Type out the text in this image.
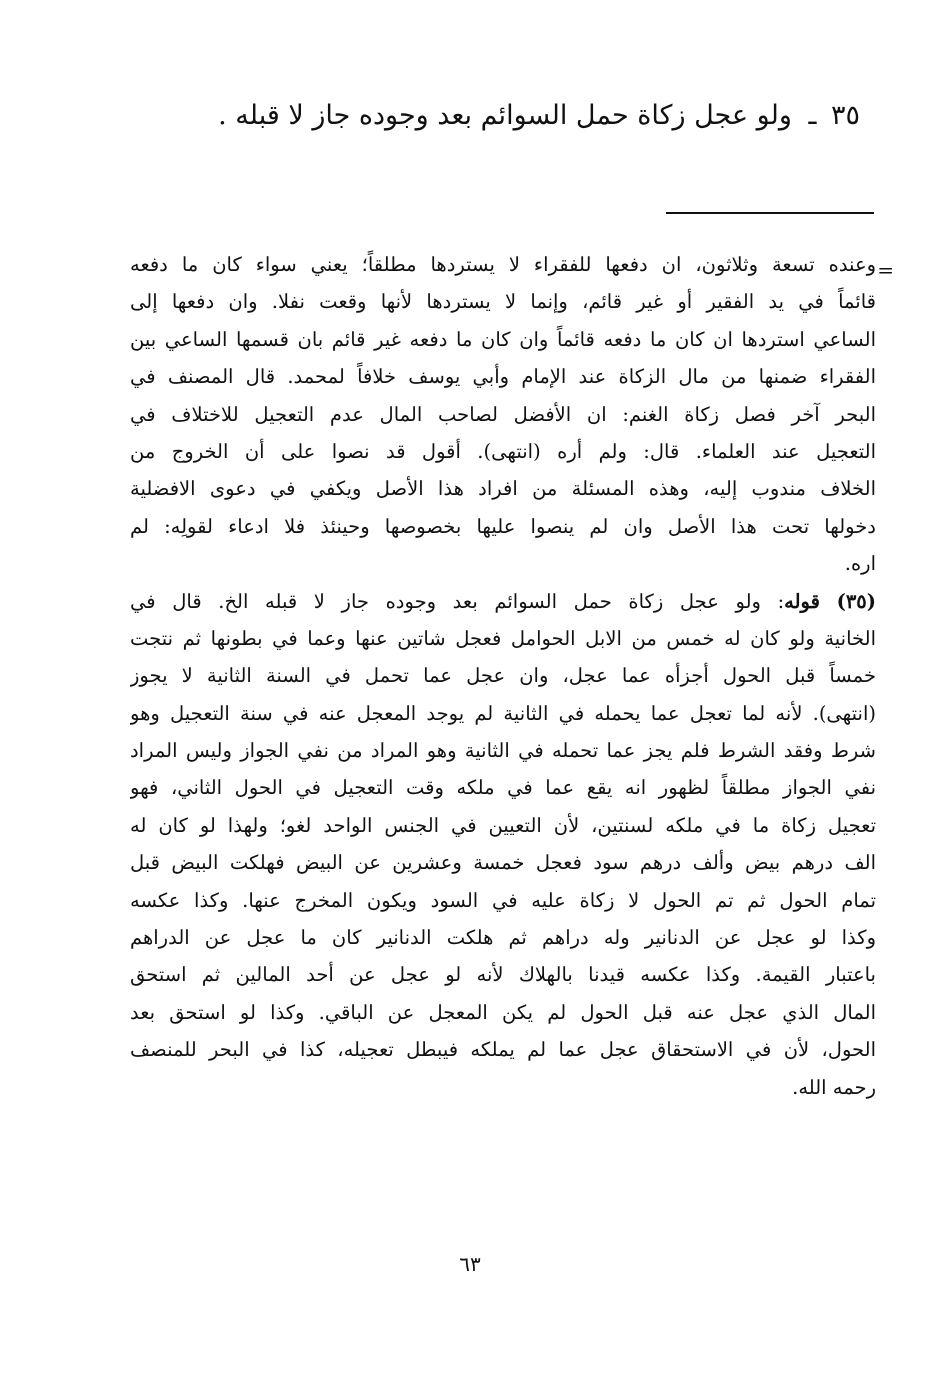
٣٥ ـ ولو عجل زكاة حمل السوائم بعد وجوده جاز لا قبله .
=
وعنده تسعة وثلاثون، ان دفعها للفقراء لا يستردها مطلقاً؛ يعني سواء كان ما دفعه
قائماً في يد الفقير أو غير قائم، وإنما لا يستردها لأنها وقعت نفلا. وان دفعها إلى
الساعي استردها ان كان ما دفعه قائماً وان كان ما دفعه غير قائم بان قسمها الساعي بين
الفقراء ضمنها من مال الزكاة عند الإمام وأبي يوسف خلافاً لمحمد. قال المصنف في
البحر آخر فصل زكاة الغنم: ان الأفضل لصاحب المال عدم التعجيل للاختلاف في
التعجيل عند العلماء. قال: ولم أره (انتهى). أقول قد نصوا على أن الخروج من
الخلاف مندوب إليه، وهذه المسئلة من افراد هذا الأصل ويكفي في دعوى الافضلية
دخولها تحت هذا الأصل وان لم ينصوا عليها بخصوصها وحينئذ فلا ادعاء لقولِه: لم
اره.
(٣٥) قوله: ولو عجل زكاة حمل السوائم بعد وجوده جاز لا قبله الخ. قال في
الخانية ولو كان له خمس من الابل الحوامل فعجل شاتين عنها وعما في بطونها ثم نتجت
خمساً قبل الحول أجزأه عما عجل، وان عجل عما تحمل في السنة الثانية لا يجوز
(انتهى). لأنه لما تعجل عما يحمله في الثانية لم يوجد المعجل عنه في سنة التعجيل وهو
شرط وفقد الشرط فلم يجز عما تحمله في الثانية وهو المراد من نفي الجواز وليس المراد
نفي الجواز مطلقاً لظهور انه يقع عما في ملكه وقت التعجيل في الحول الثاني، فهو
تعجيل زكاة ما في ملكه لسنتين، لأن التعيين في الجنس الواحد لغو؛ ولهذا لو كان له
الف درهم بيض وألف درهم سود فعجل خمسة وعشرين عن البيض فهلكت البيض قبل
تمام الحول ثم تم الحول لا زكاة عليه في السود ويكون المخرج عنها. وكذا عكسه
وكذا لو عجل عن الدنانير وله دراهم ثم هلكت الدنانير كان ما عجل عن الدراهم
باعتبار القيمة. وكذا عكسه قيدنا بالهلاك لأنه لو عجل عن أحد المالين ثم استحق
المال الذي عجل عنه قبل الحول لم يكن المعجل عن الباقي. وكذا لو استحق بعد
الحول، لأن في الاستحقاق عجل عما لم يملكه فيبطل تعجيله، كذا في البحر للمنصف
رحمه الله.
٦٣
